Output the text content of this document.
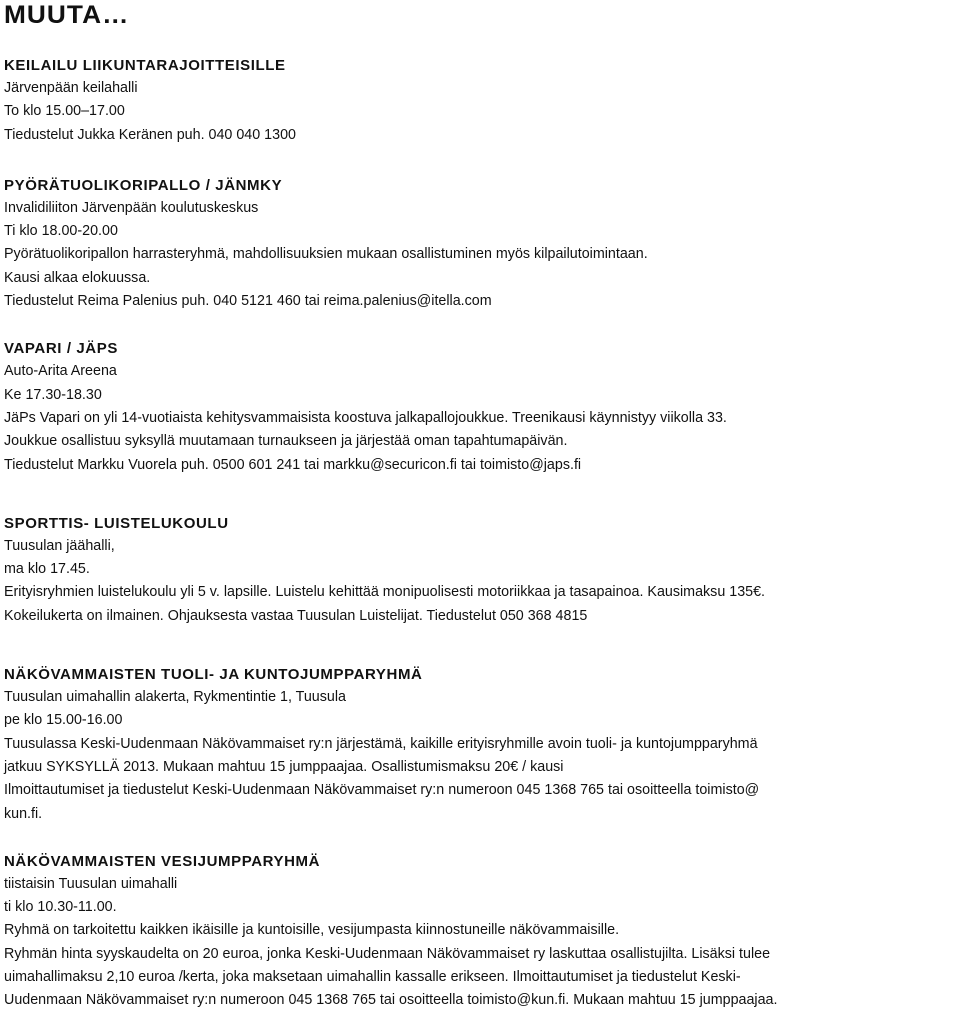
MUUTA…
KEILAILU LIIKUNTARAJOITTEISILLE
Järvenpään keilahalli
To klo 15.00–17.00
Tiedustelut Jukka Keränen puh. 040 040 1300
PYÖRÄTUOLIKORIPALLO / JÄNMKY
Invalidiliiton Järvenpään koulutuskeskus
Ti klo 18.00-20.00
Pyörätuolikoripallon harrasteryhmä, mahdollisuuksien mukaan osallistuminen myös kilpailutoimintaan.
Kausi alkaa elokuussa.
Tiedustelut Reima Palenius puh. 040 5121 460 tai reima.palenius@itella.com
VAPARI / JÄPS
Auto-Arita Areena
Ke 17.30-18.30
JäPs Vapari on yli 14-vuotiaista kehitysvammaisista koostuva jalkapallojoukkue. Treenikausi käynnistyy viikolla 33.
Joukkue osallistuu syksyllä muutamaan turnaukseen ja järjestää oman tapahtumapäivän.
Tiedustelut Markku Vuorela puh. 0500 601 241 tai markku@securicon.fi tai toimisto@japs.fi
SPORTTIS- LUISTELUKOULU
Tuusulan jäähalli,
ma klo 17.45.
Erityisryhmien luistelukoulu yli 5 v. lapsille. Luistelu kehittää monipuolisesti motoriikkaa ja tasapainoa. Kausimaksu 135€.
Kokeilukerta on ilmainen. Ohjauksesta vastaa Tuusulan Luistelijat. Tiedustelut 050 368 4815
NÄKÖVAMMAISTEN TUOLI- JA KUNTOJUMPPARYHMÄ
Tuusulan uimahallin alakerta, Rykmentintie 1, Tuusula
pe klo 15.00-16.00
Tuusulassa Keski-Uudenmaan Näkövammaiset ry:n järjestämä, kaikille erityisryhmille avoin tuoli- ja kuntojumpparyhmä
jatkuu SYKSYLLÄ 2013. Mukaan mahtuu 15 jumppaajaa. Osallistumismaksu 20€ / kausi
Ilmoittautumiset ja tiedustelut Keski-Uudenmaan Näkövammaiset ry:n numeroon 045 1368 765 tai osoitteella toimisto@
kun.fi.
NÄKÖVAMMAISTEN VESIJUMPPARYHMÄ
tiistaisin Tuusulan uimahalli
ti klo 10.30-11.00.
Ryhmä on tarkoitettu kaikken ikäisille ja kuntoisille, vesijumpasta kiinnostuneille näkövammaisille.
Ryhmän hinta syyskaudelta on 20 euroa, jonka Keski-Uudenmaan Näkövammaiset ry laskuttaa osallistujilta. Lisäksi tulee
uimahallimaksu 2,10 euroa /kerta, joka maksetaan uimahallin kassalle erikseen. Ilmoittautumiset ja tiedustelut Keski-
Uudenmaan Näkövammaiset ry:n numeroon 045 1368 765 tai osoitteella toimisto@kun.fi. Mukaan mahtuu 15 jumppaajaa.
